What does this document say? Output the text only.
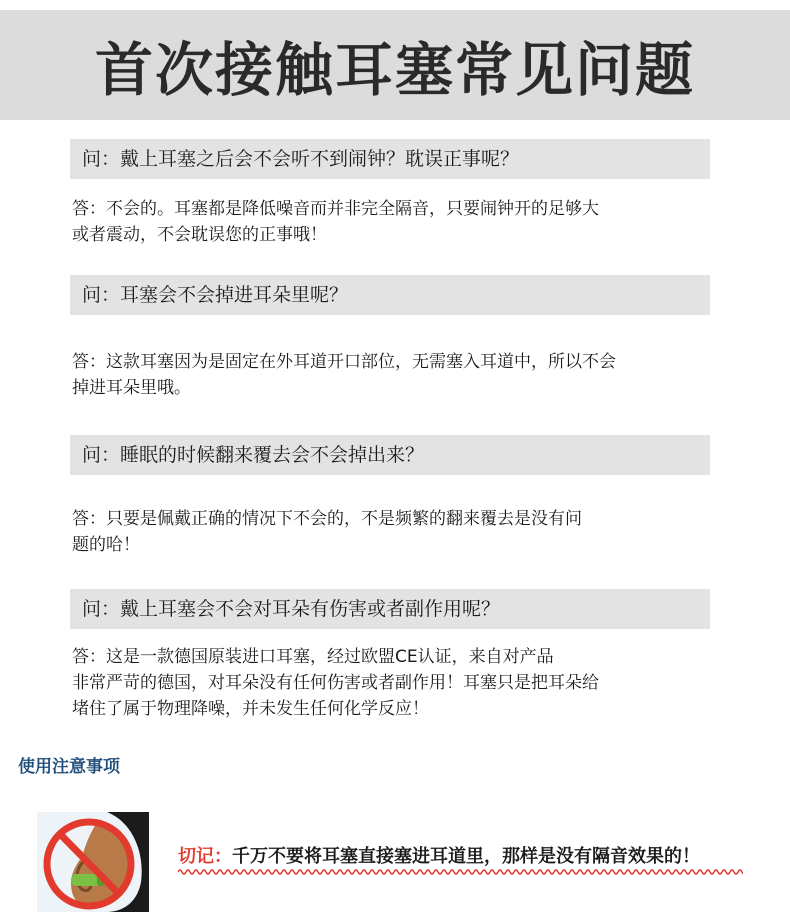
首次接触耳塞常见问题
问：戴上耳塞之后会不会听不到闹钟？耽误正事呢？
答：不会的。耳塞都是降低噪音而并非完全隔音，只要闹钟开的足够大
或者震动，不会耽误您的正事哦！
问：耳塞会不会掉进耳朵里呢？
答：这款耳塞因为是固定在外耳道开口部位，无需塞入耳道中，所以不会
掉进耳朵里哦。
问：睡眠的时候翻来覆去会不会掉出来？
答：只要是佩戴正确的情况下不会的，不是频繁的翻来覆去是没有问
题的哈！
问：戴上耳塞会不会对耳朵有伤害或者副作用呢？
答：这是一款德国原装进口耳塞，经过欧盟CE认证，来自对产品
非常严苛的德国，对耳朵没有任何伤害或者副作用！耳塞只是把耳朵给
堵住了属于物理降噪，并未发生任何化学反应！
使用注意事项
切记：千万不要将耳塞直接塞进耳道里，那样是没有隔音效果的！
